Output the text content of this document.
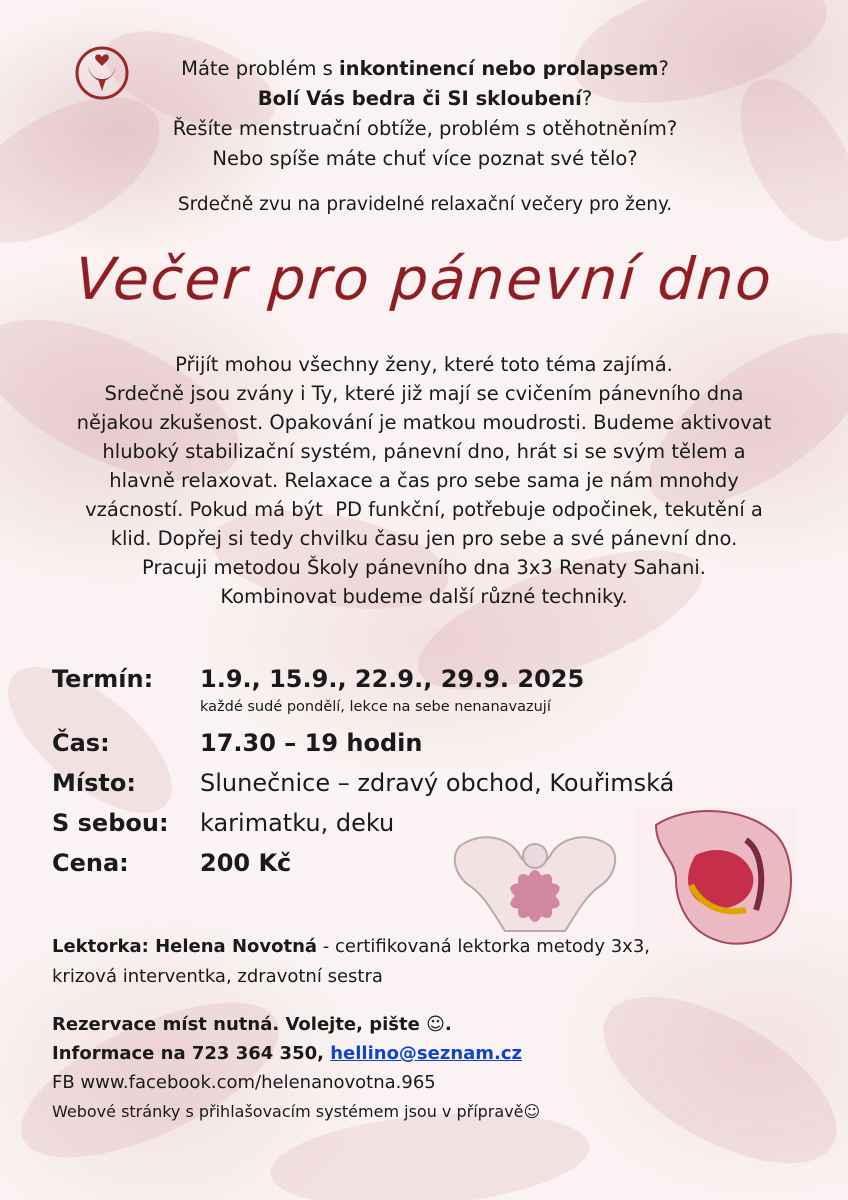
Máte problém s inkontinencí nebo prolapsem?

Bolí Vás bedra či SI skloubení?

Řešíte menstruační obtíže, problém s otěhotněním?

Nebo spíše máte chuť více poznat své tělo?

Srdečně zvu na pravidelné relaxační večery pro ženy.

Večer pro pánevní dno
Přijít mohou všechny ženy, které toto téma zajímá.
Srdečně jsou zvány i Ty, které již mají se cvičením pánevního dna
nějakou zkušenost. Opakování je matkou moudrosti. Budeme aktivovat
hluboký stabilizační systém, pánevní dno, hrát si se svým tělem a
hlavně relaxovat. Relaxace a čas pro sebe sama je nám mnohdy
vzácností. Pokud má být  PD funkční, potřebuje odpočinek, tekutění a
klid. Dopřej si tedy chvilku času jen pro sebe a své pánevní dno.
Pracuji metodou Školy pánevního dna 3x3 Renaty Sahani.
Kombinovat budeme další různé techniky.
Termín:	1.9., 15.9., 22.9., 29.9. 2025
každé sudé pondělí, lekce na sebe nenanavazují
Čas:	17.30 – 19 hodin
Místo:	Slunečnice – zdravý obchod, Kouřimská
S sebou:	karimatku, deku
Cena:	200 Kč
Lektorka: Helena Novotná - certifikovaná lektorka metody 3x3,
krizová interventka, zdravotní sestra

Rezervace míst nutná. Volejte, pište ☺.

Informace na 723 364 350, hellino@seznam.cz

FB www.facebook.com/helenanovotna.965

Webové stránky s přihlašovacím systémem jsou v přípravě☺
